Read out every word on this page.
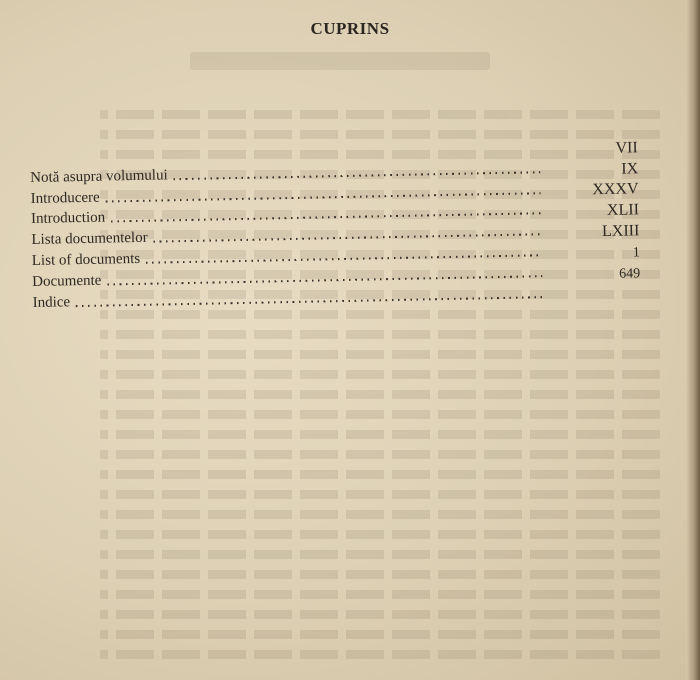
CUPRINS
Notă asupra volumului
VII
Introducere
IX
Introduction
XXXV
Lista documentelor
XLII
List of documents
LXIII
Documente
1
Indice
649
